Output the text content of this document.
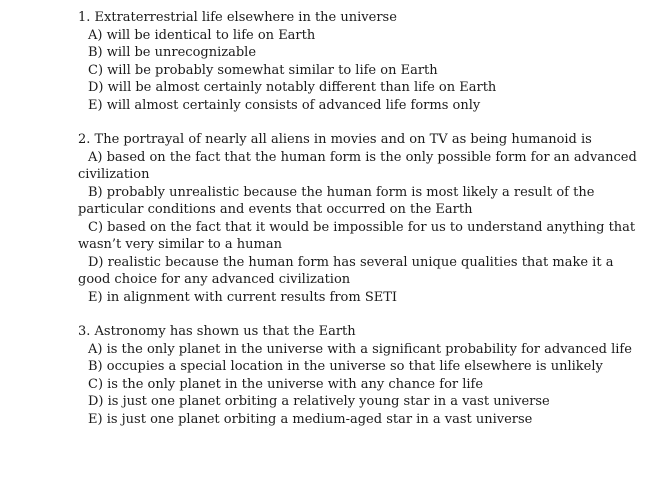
1. Extraterrestrial life elsewhere in the universe
A) will be identical to life on Earth
B) will be unrecognizable
C) will be probably somewhat similar to life on Earth
D) will be almost certainly notably different than life on Earth
E) will almost certainly consists of advanced life forms only
2. The portrayal of nearly all aliens in movies and on TV as being humanoid is
A) based on the fact that the human form is the only possible form for an advanced civilization
B) probably unrealistic because the human form is most likely a result of the particular conditions and events that occurred on the Earth
C) based on the fact that it would be impossible for us to understand anything that wasn’t very similar to a human
D) realistic because the human form has several unique qualities that make it a good choice for any advanced civilization
E) in alignment with current results from SETI
3. Astronomy has shown us that the Earth
A) is the only planet in the universe with a significant probability for advanced life
B) occupies a special location in the universe so that life elsewhere is unlikely
C) is the only planet in the universe with any chance for life
D) is just one planet orbiting a relatively young star in a vast universe
E) is just one planet orbiting a medium-aged star in a vast universe
